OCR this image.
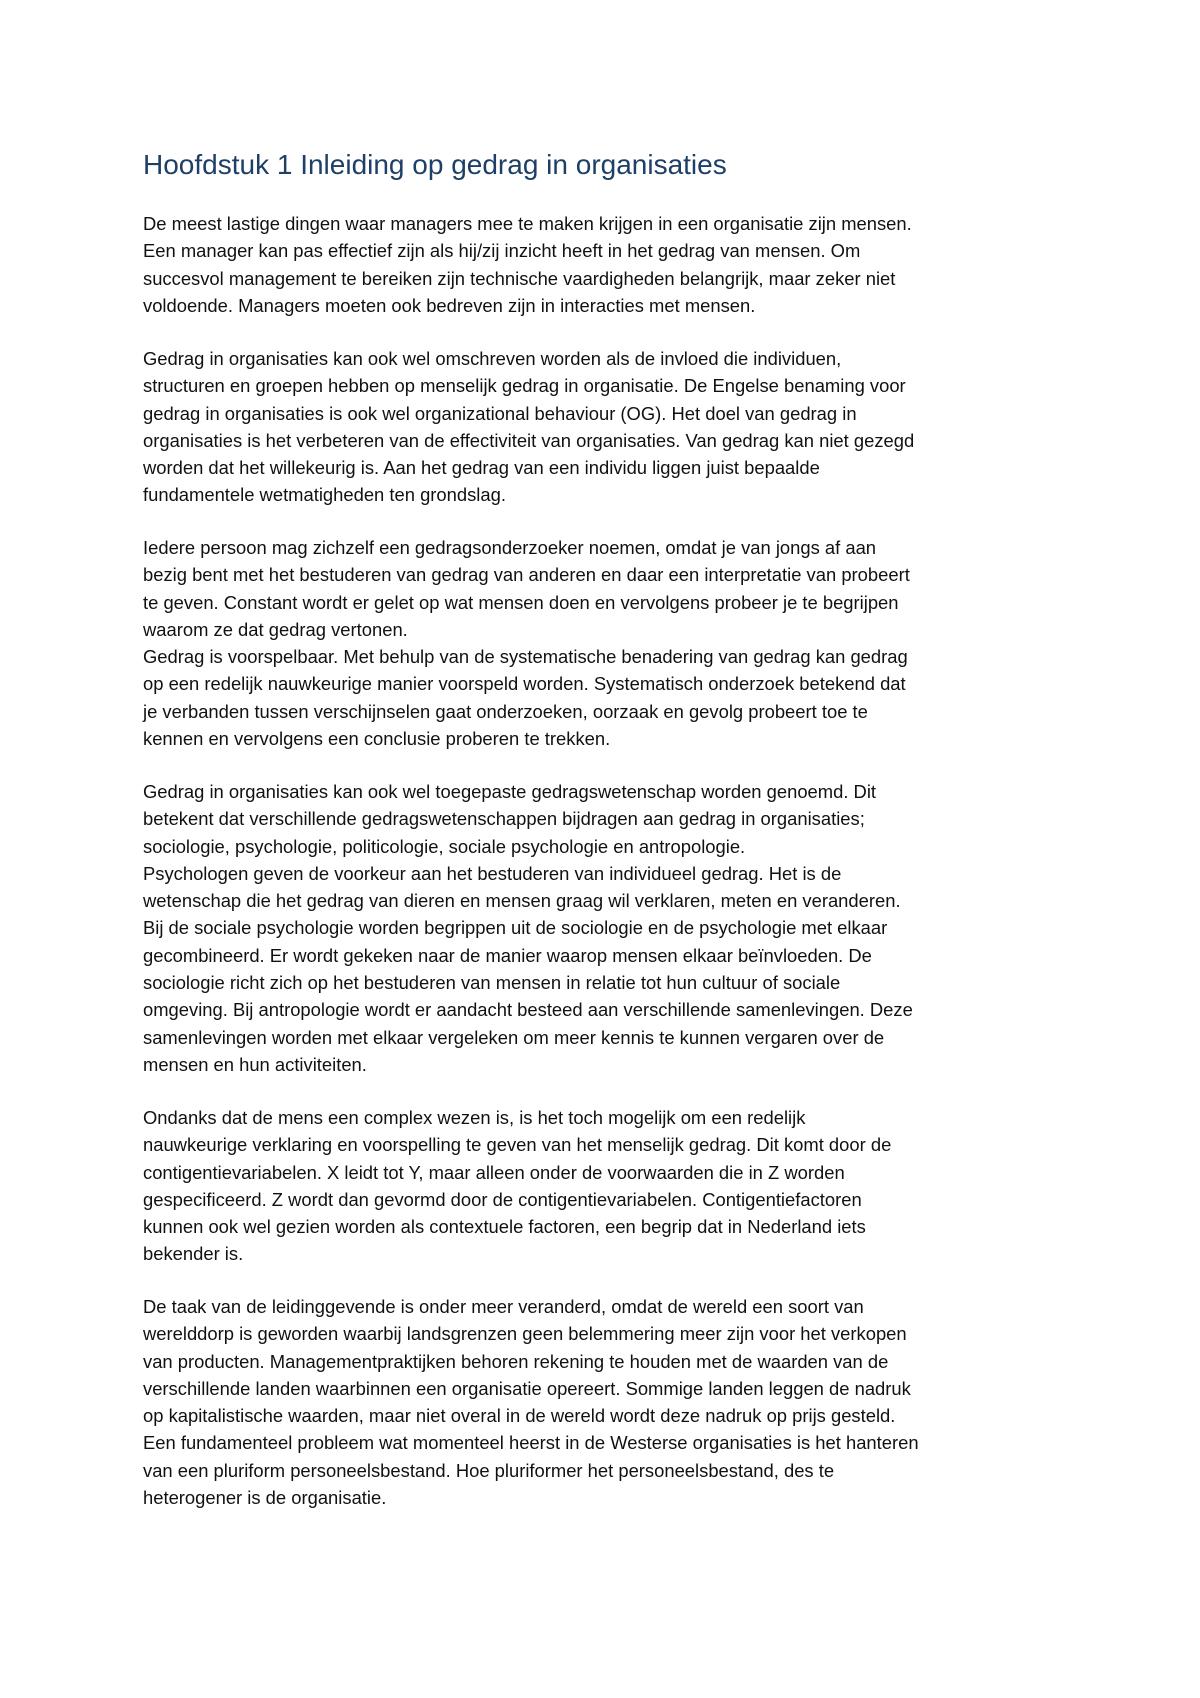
Hoofdstuk 1 Inleiding op gedrag in organisaties
De meest lastige dingen waar managers mee te maken krijgen in een organisatie zijn mensen.
Een manager kan pas effectief zijn als hij/zij inzicht heeft in het gedrag van mensen. Om
succesvol management te bereiken zijn technische vaardigheden belangrijk, maar zeker niet
voldoende. Managers moeten ook bedreven zijn in interacties met mensen.
Gedrag in organisaties kan ook wel omschreven worden als de invloed die individuen,
structuren en groepen hebben op menselijk gedrag in organisatie. De Engelse benaming voor
gedrag in organisaties is ook wel organizational behaviour (OG). Het doel van gedrag in
organisaties is het verbeteren van de effectiviteit van organisaties. Van gedrag kan niet gezegd
worden dat het willekeurig is. Aan het gedrag van een individu liggen juist bepaalde
fundamentele wetmatigheden ten grondslag.
Iedere persoon mag zichzelf een gedragsonderzoeker noemen, omdat je van jongs af aan
bezig bent met het bestuderen van gedrag van anderen en daar een interpretatie van probeert
te geven. Constant wordt er gelet op wat mensen doen en vervolgens probeer je te begrijpen
waarom ze dat gedrag vertonen.
Gedrag is voorspelbaar. Met behulp van de systematische benadering van gedrag kan gedrag
op een redelijk nauwkeurige manier voorspeld worden. Systematisch onderzoek betekend dat
je verbanden tussen verschijnselen gaat onderzoeken, oorzaak en gevolg probeert toe te
kennen en vervolgens een conclusie proberen te trekken.
Gedrag in organisaties kan ook wel toegepaste gedragswetenschap worden genoemd. Dit
betekent dat verschillende gedragswetenschappen bijdragen aan gedrag in organisaties;
sociologie, psychologie, politicologie, sociale psychologie en antropologie.
Psychologen geven de voorkeur aan het bestuderen van individueel gedrag. Het is de
wetenschap die het gedrag van dieren en mensen graag wil verklaren, meten en veranderen.
Bij de sociale psychologie worden begrippen uit de sociologie en de psychologie met elkaar
gecombineerd. Er wordt gekeken naar de manier waarop mensen elkaar beïnvloeden. De
sociologie richt zich op het bestuderen van mensen in relatie tot hun cultuur of sociale
omgeving. Bij antropologie wordt er aandacht besteed aan verschillende samenlevingen. Deze
samenlevingen worden met elkaar vergeleken om meer kennis te kunnen vergaren over de
mensen en hun activiteiten.
Ondanks dat de mens een complex wezen is, is het toch mogelijk om een redelijk
nauwkeurige verklaring en voorspelling te geven van het menselijk gedrag. Dit komt door de
contigentievariabelen. X leidt tot Y, maar alleen onder de voorwaarden die in Z worden
gespecificeerd. Z wordt dan gevormd door de contigentievariabelen. Contigentiefactoren
kunnen ook wel gezien worden als contextuele factoren, een begrip dat in Nederland iets
bekender is.
De taak van de leidinggevende is onder meer veranderd, omdat de wereld een soort van
werelddorp is geworden waarbij landsgrenzen geen belemmering meer zijn voor het verkopen
van producten. Managementpraktijken behoren rekening te houden met de waarden van de
verschillende landen waarbinnen een organisatie opereert. Sommige landen leggen de nadruk
op kapitalistische waarden, maar niet overal in de wereld wordt deze nadruk op prijs gesteld.
Een fundamenteel probleem wat momenteel heerst in de Westerse organisaties is het hanteren
van een pluriform personeelsbestand. Hoe pluriformer het personeelsbestand, des te
heterogener is de organisatie.
